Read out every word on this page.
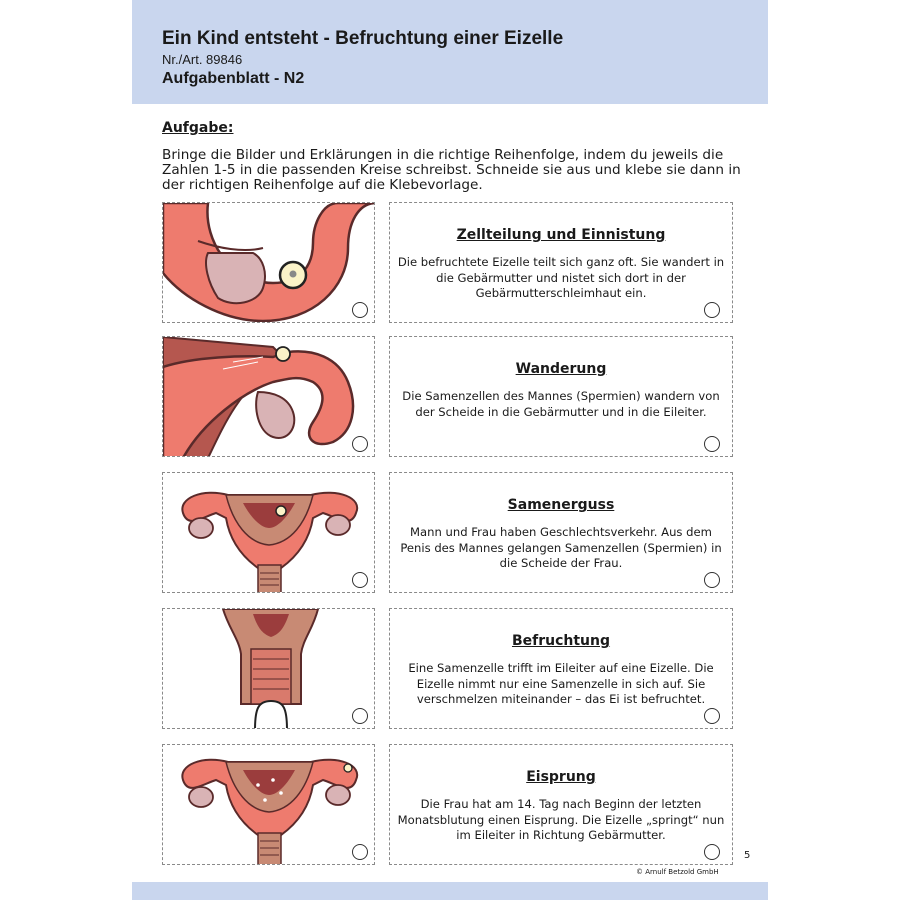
Ein Kind entsteht - Befruchtung einer Eizelle
Nr./Art. 89846
Aufgabenblatt - N2
Aufgabe:
Bringe die Bilder und Erklärungen in die richtige Reihenfolge, indem du jeweils die Zahlen 1-5 in die passenden Kreise schreibst. Schneide sie aus und klebe sie dann in der richtigen Reihenfolge auf die Klebevorlage.
Zellteilung und Einnistung
Die befruchtete Eizelle teilt sich ganz oft. Sie wandert in die Gebärmutter und nistet sich dort in der Gebärmutterschleimhaut ein.
Wanderung
Die Samenzellen des Mannes (Spermien) wandern von der Scheide in die Gebärmutter und in die Eileiter.
Samenerguss
Mann und Frau haben Geschlechtsverkehr. Aus dem Penis des Mannes gelangen Samenzellen (Spermien) in die Scheide der Frau.
Befruchtung
Eine Samenzelle trifft im Eileiter auf eine Eizelle. Die Eizelle nimmt nur eine Samenzelle in sich auf. Sie verschmelzen miteinander – das Ei ist befruchtet.
Eisprung
Die Frau hat am 14. Tag nach Beginn der letzten Monatsblutung einen Eisprung. Die Eizelle „springt“ nun im Eileiter in Richtung Gebärmutter.
5
© Arnulf Betzold GmbH
